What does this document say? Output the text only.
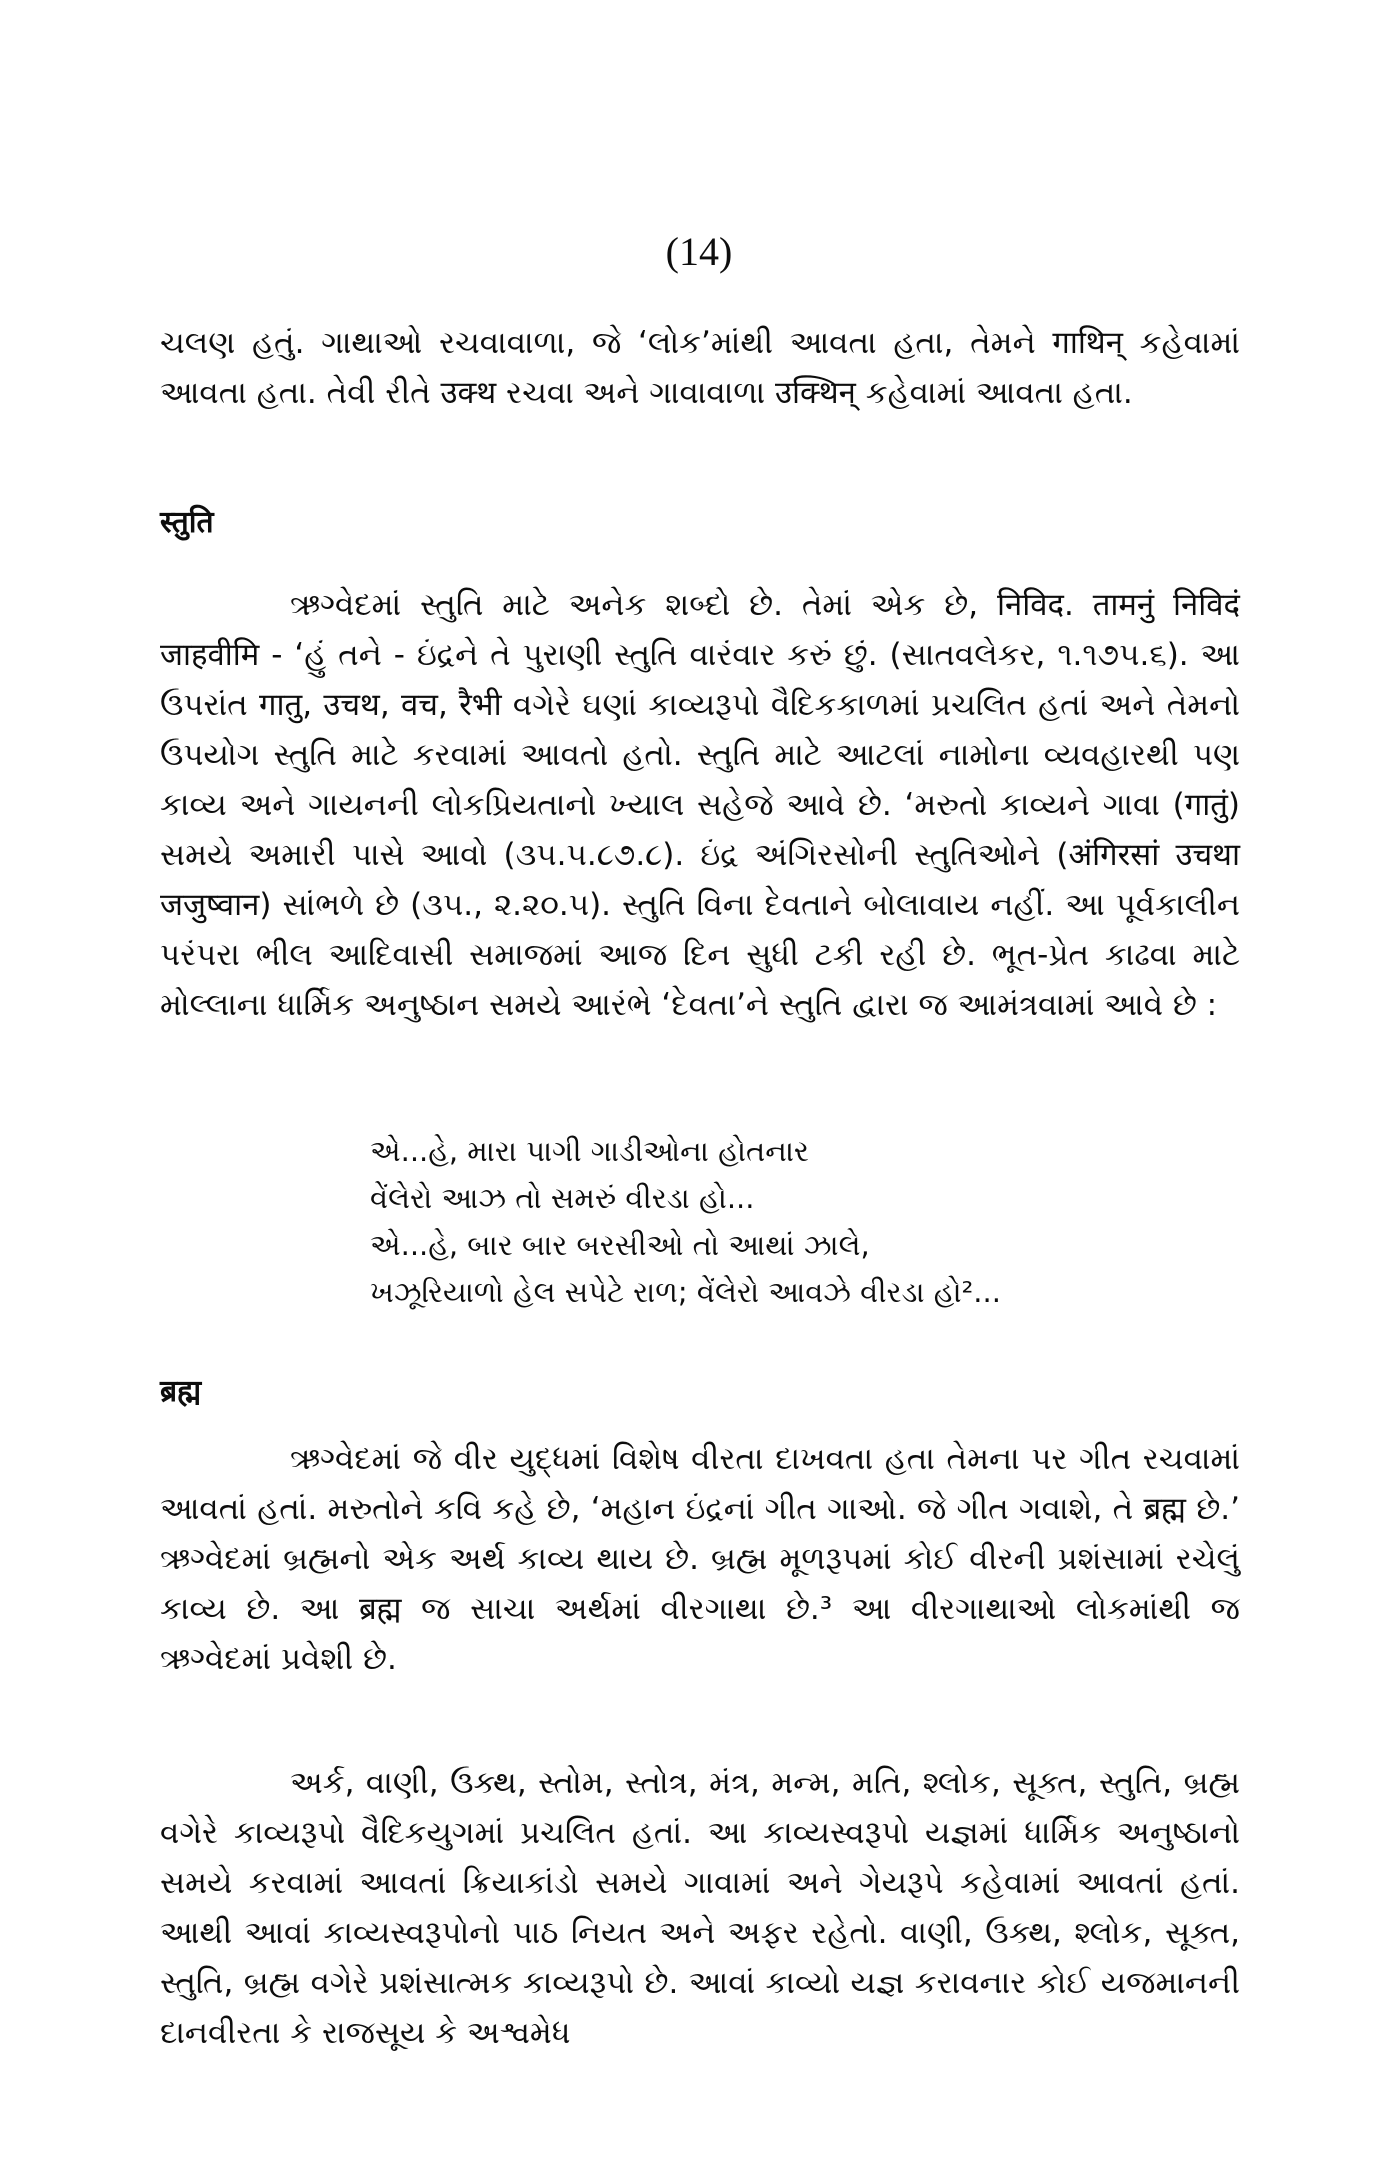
(14)

ચલણ હતું. ગાથાઓ રચવાવાળા, જે ‘લોક’માંથી આવતા હતા, તેમને गाथिन् કહેવામાં આવતા હતા. તેવી રીતે उक्थ રચવા અને ગાવાવાળા उक्थिन् કહેવામાં આવતા હતા.

स्तुति

ઋગ્વેદમાં સ્તુતિ માટે અનેક શબ્દો છે. તેમાં એક છે, निविद. तामनुं निविदं जाहवीमि - ‘હું તને - ઇંદ્રને તે પુરાણી સ્તુતિ વારંવાર કરું છું. (સાતવલેકર, ૧.૧૭૫.૬). આ ઉપરાંત गातु, उचथ, वच, रैभी વગેરે ઘણાં કાવ્યરૂપો વૈદિકકાળમાં પ્રચલિત હતાં અને તેમનો ઉપયોગ સ્તુતિ માટે કરવામાં આવતો હતો. સ્તુતિ માટે આટલાં નામોના વ્યવહારથી પણ કાવ્ય અને ગાયનની લોકપ્રિયતાનો ખ્યાલ સહેજે આવે છે. ‘મરુતો કાવ્યને ગાવા (गातुं) સમયે અમારી પાસે આવો (૩૫.૫.૮૭.૮). ઇંદ્ર અંગિરસોની સ્તુતિઓને (अंगिरसां उचथा जजुष्वान) સાંભળે છે (૩૫., ૨.૨૦.૫). સ્તુતિ વિના દેવતાને બોલાવાય નહીં. આ પૂર્વકાલીન પરંપરા ભીલ આદિવાસી સમાજમાં આજ દિન સુધી ટકી રહી છે. ભૂત-પ્રેત કાઢવા માટે મોલ્લાના ધાર્મિક અનુષ્ઠાન સમયે આરંભે ‘દેવતા’ને સ્તુતિ દ્વારા જ આમંત્રવામાં આવે છે :

એ...હે, મારા પાગી ગાડીઓના હોતનાર
વેંલેરો આઝ તો સમરું વીરડા હો...
એ...હે, બાર બાર બરસીઓ તો આથાં ઝાલે,
ખઝૂરિયાળો હેલ સપેટે રાળ; વેંલેરો આવઝે વીરડા હો²...
ब्रह्म

ઋગ્વેદમાં જે વીર યુદ્ધમાં વિશેષ વીરતા દાખવતા હતા તેમના પર ગીત રચવામાં આવતાં હતાં. મરુતોને કવિ કહે છે, ‘મહાન ઇંદ્રનાં ગીત ગાઓ. જે ગીત ગવાશે, તે ब्रह्म છે.’ ઋગ્વેદમાં બ્રહ્મનો એક અર્થ કાવ્ય થાય છે. બ્રહ્મ મૂળરૂપમાં કોઈ વીરની પ્રશંસામાં રચેલું કાવ્ય છે. આ ब्रह्म જ સાચા અર્થમાં વીરગાથા છે.³ આ વીરગાથાઓ લોકમાંથી જ ઋગ્વેદમાં પ્રવેશી છે.

અર્ક, વાણી, ઉક્થ, સ્તોમ, સ્તોત્ર, મંત્ર, મન્મ, મતિ, શ્લોક, સૂક્ત, સ્તુતિ, બ્રહ્મ વગેરે કાવ્યરૂપો વૈદિકયુગમાં પ્રચલિત હતાં. આ કાવ્યસ્વરૂપો યજ્ઞમાં ધાર્મિક અનુષ્ઠાનો સમયે કરવામાં આવતાં ક્રિયાકાંડો સમયે ગાવામાં અને ગેયરૂપે કહેવામાં આવતાં હતાં. આથી આવાં કાવ્યસ્વરૂપોનો પાઠ નિયત અને અફર રહેતો. વાણી, ઉક્થ, શ્લોક, સૂક્ત, સ્તુતિ, બ્રહ્મ વગેરે પ્રશંસાત્મક કાવ્યરૂપો છે. આવાં કાવ્યો યજ્ઞ કરાવનાર કોઈ યજમાનની દાનવીરતા કે રાજસૂય કે અશ્વમેધ
